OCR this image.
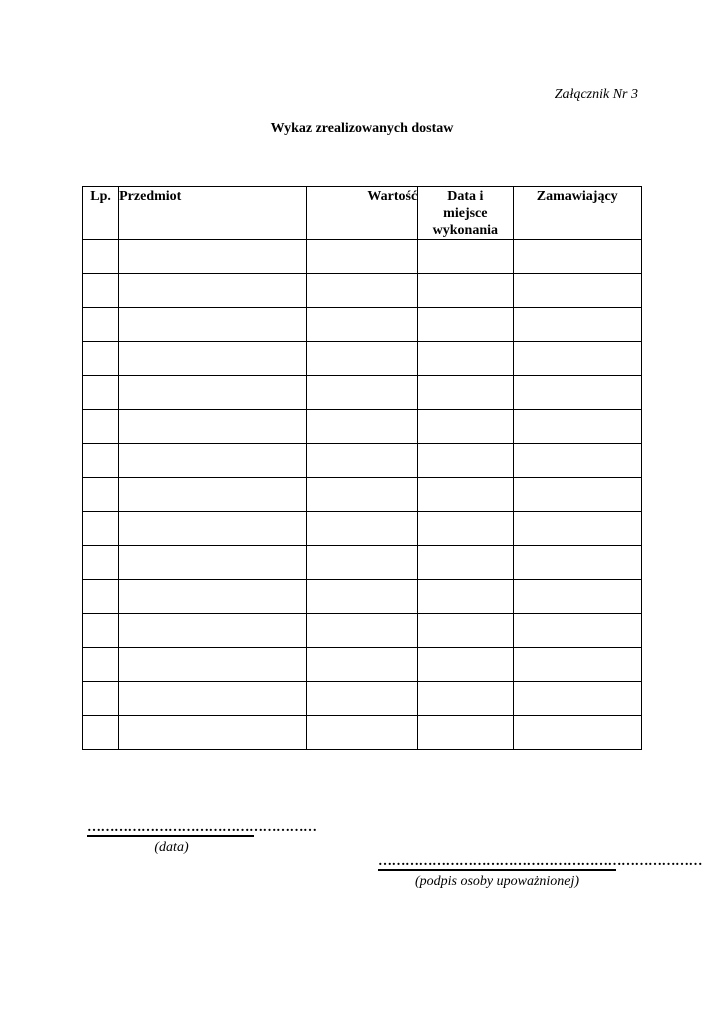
Załącznik Nr 3
Wykaz zrealizowanych dostaw
Lp.	Przedmiot	Wartość	Data i
miejsce
wykonania	Zamawiający

……………………………………………
(data)
………………………………………………………………
(podpis osoby upoważnionej)
